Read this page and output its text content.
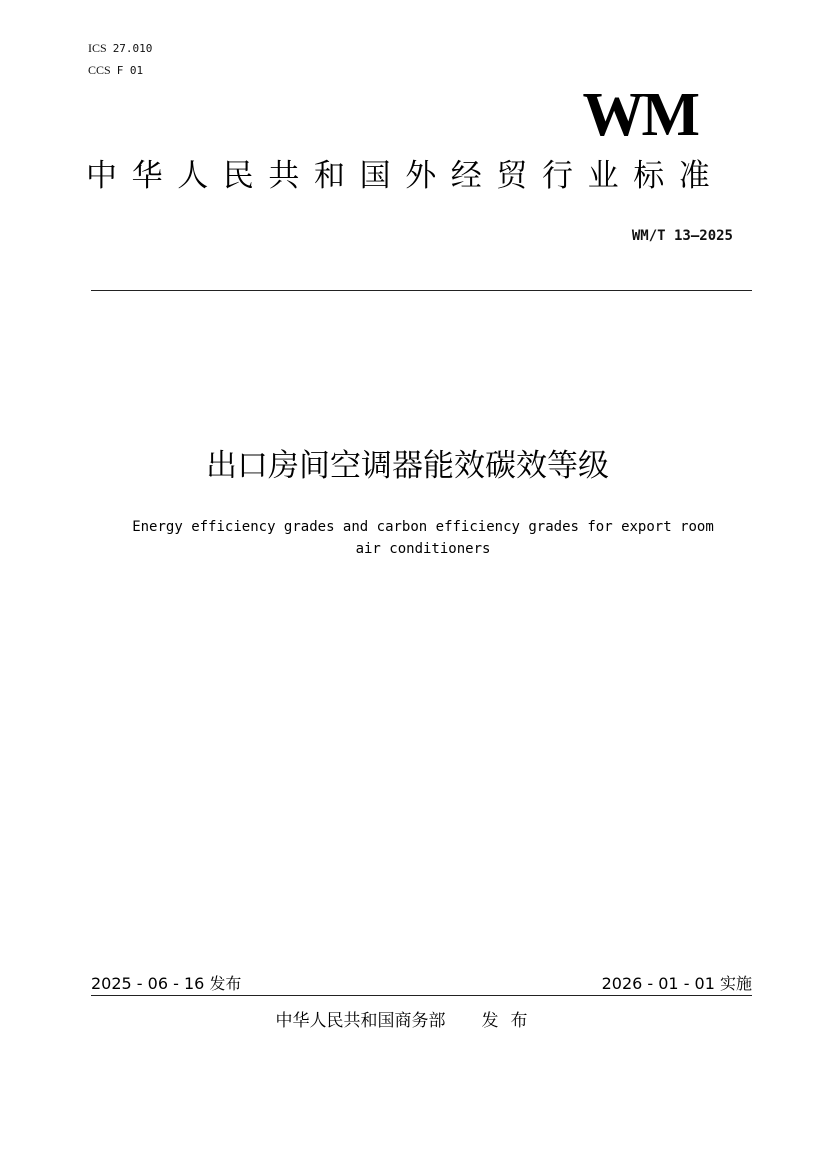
ICS 27.010
CCS F 01
WM
中华人民共和国外经贸行业标准
WM/T 13—2025
出口房间空调器能效碳效等级
Energy efficiency grades and carbon efficiency grades for export room
air conditioners
2025 - 06 - 16 发布	2026 - 01 - 01 实施
中华人民共和国商务部 发布
